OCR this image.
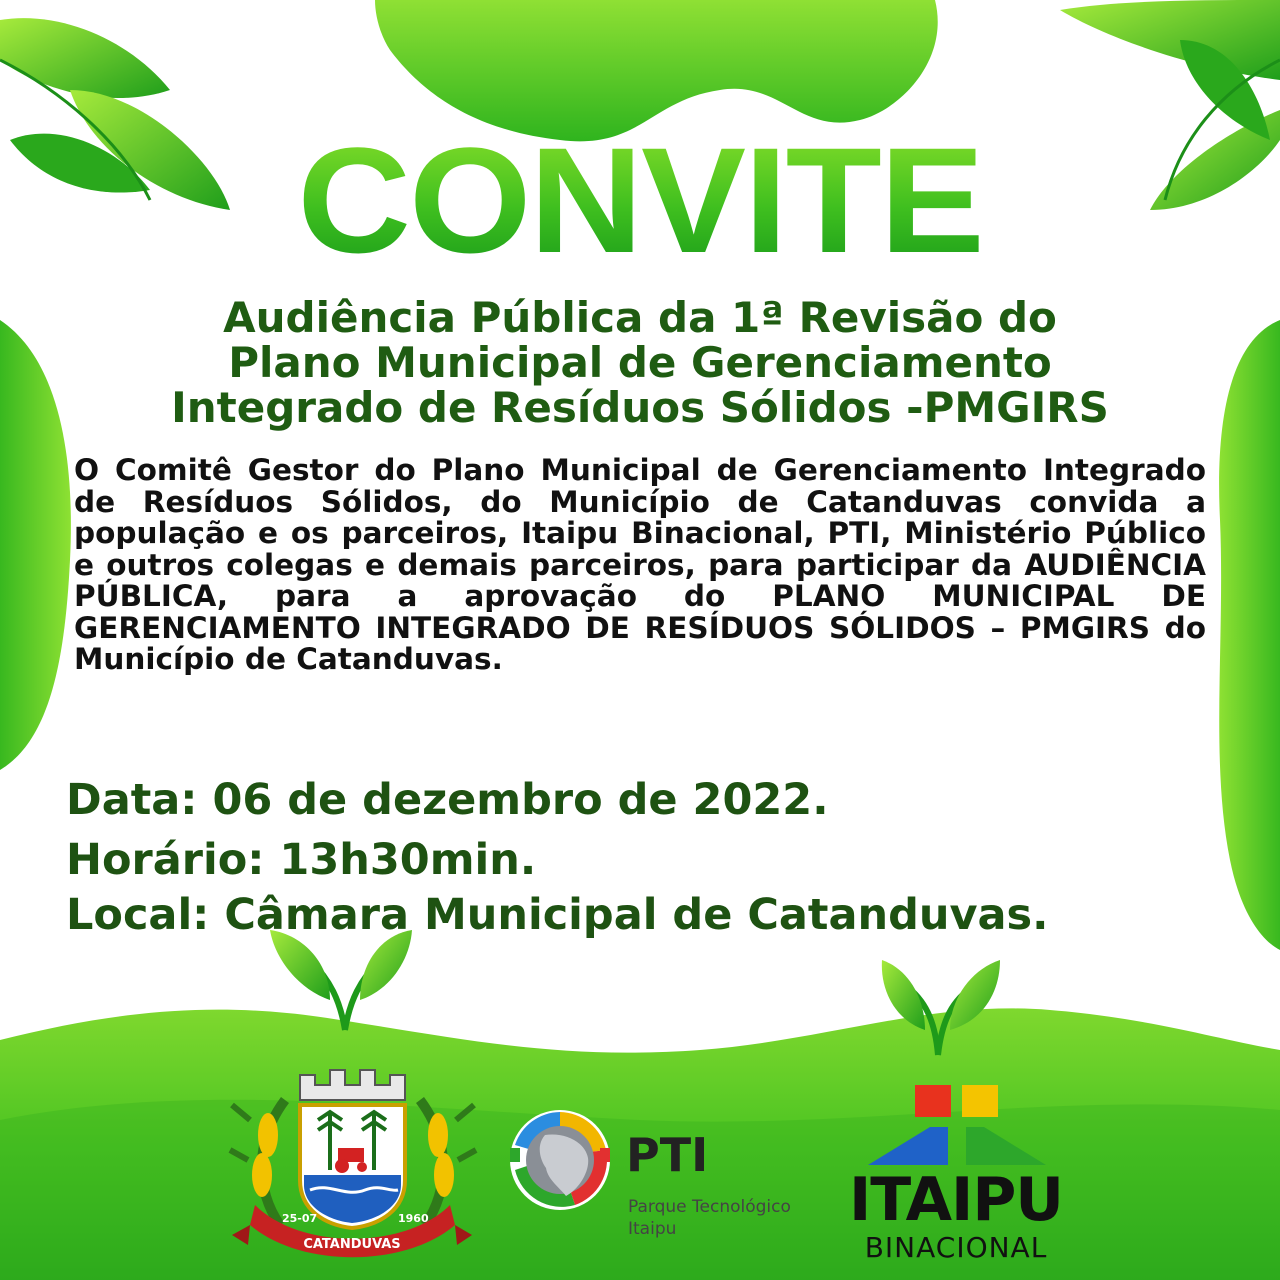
25-07	1960
CATANDUVAS
CONVITE
Audiência Pública da 1ª Revisão do
Plano Municipal de Gerenciamento
Integrado de Resíduos Sólidos -PMGIRS
O Comitê Gestor do Plano Municipal de Gerenciamento Integrado de Resíduos Sólidos, do Município de Catanduvas convida a população e os parceiros, Itaipu Binacional, PTI, Ministério Público e outros colegas e demais parceiros, para participar da AUDIÊNCIA PÚBLICA, para a aprovação do PLANO MUNICIPAL DE GERENCIAMENTO INTEGRADO DE RESÍDUOS SÓLIDOS – PMGIRS do Município de Catanduvas.
Data: 06 de dezembro de 2022.
Horário: 13h30min.
Local: Câmara Municipal de Catanduvas.
PTI
Parque Tecnológico Itaipu	ITAIPU
BINACIONAL
